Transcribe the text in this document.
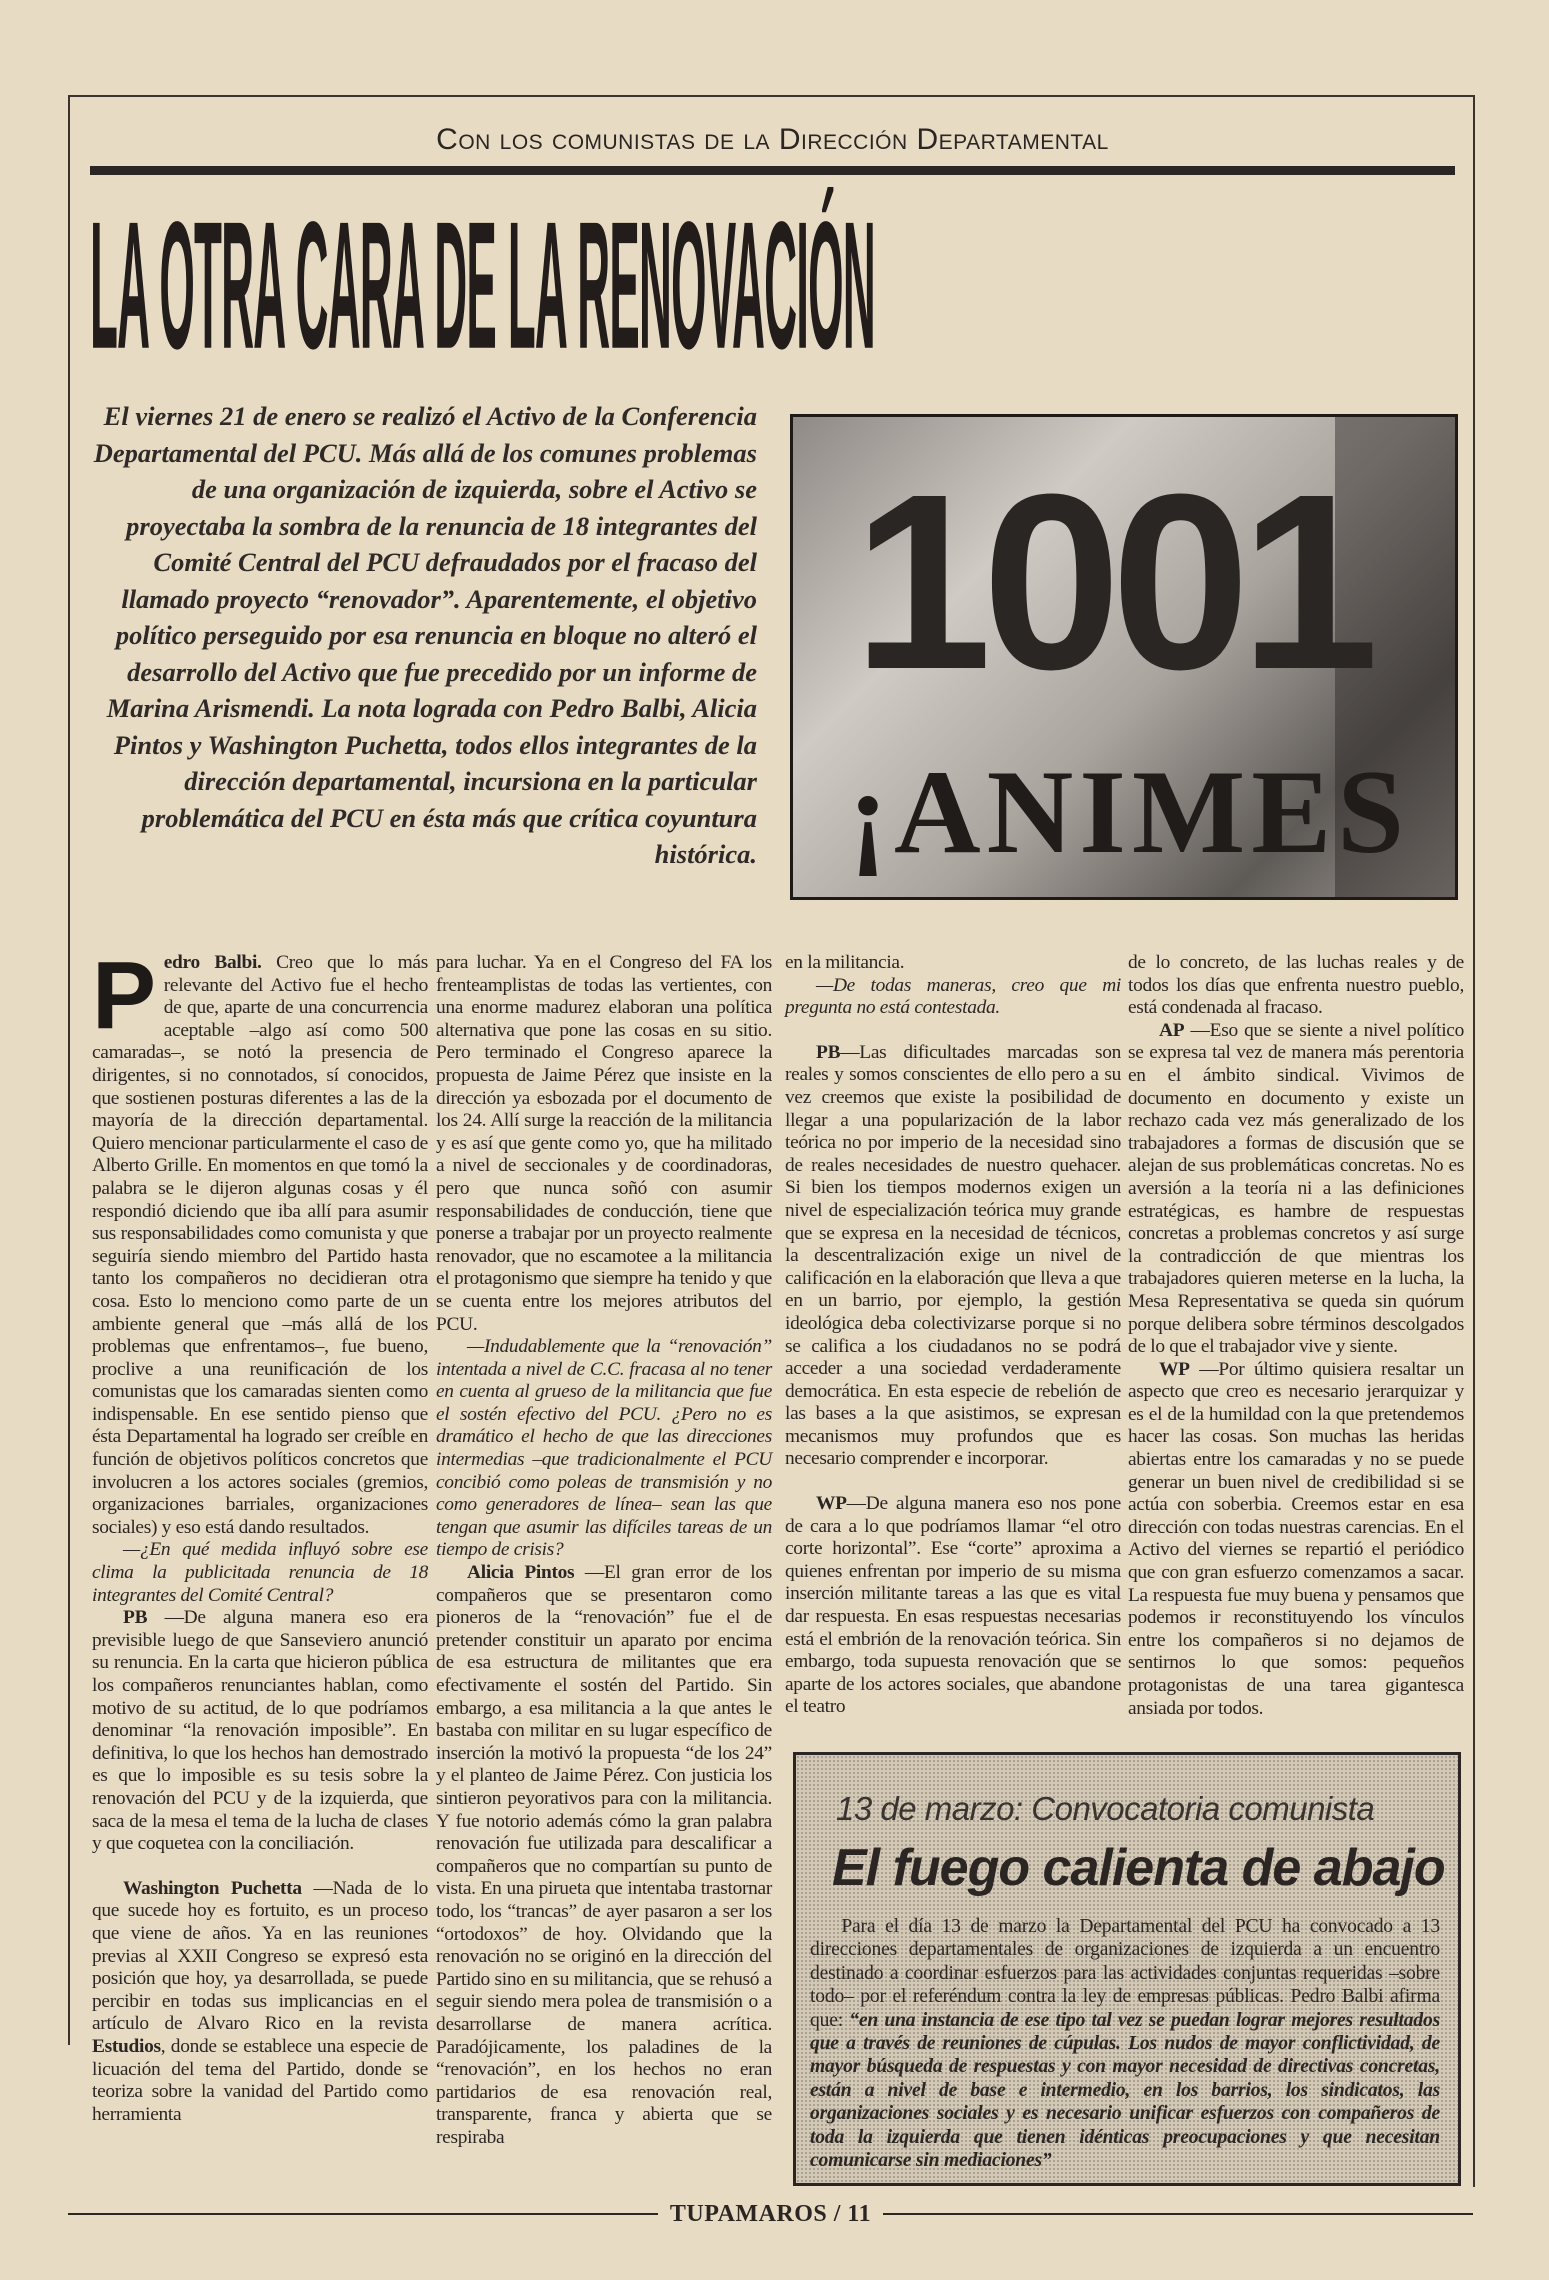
Con los comunistas de la Dirección Departamental
LA OTRA CARA DE LA RENOVACIÓN
El viernes 21 de enero se realizó el Activo de la Conferencia Departamental del PCU. Más allá de los comunes problemas de una organización de izquierda, sobre el Activo se proyectaba la sombra de la renuncia de 18 integrantes del Comité Central del PCU defraudados por el fracaso del llamado proyecto “renovador”. Aparentemente, el objetivo político perseguido por esa renuncia en bloque no alteró el desarrollo del Activo que fue precedido por un informe de Marina Arismendi. La nota lograda con Pedro Balbi, Alicia Pintos y Washington Puchetta, todos ellos integrantes de la dirección departamental, incursiona en la particular problemática del PCU en ésta más que crítica coyuntura histórica.
1001
¡ANIMES

Pedro Balbi. Creo que lo más relevante del Activo fue el hecho de que, aparte de una concurrencia aceptable –algo así como 500 camaradas–, se notó la presencia de dirigentes, si no connotados, sí conocidos, que sostienen posturas diferentes a las de la mayoría de la dirección departamental. Quiero mencionar particularmente el caso de Alberto Grille. En momentos en que tomó la palabra se le dijeron algunas cosas y él respondió diciendo que iba allí para asumir sus responsabilidades como comunista y que seguiría siendo miembro del Partido hasta tanto los compañeros no decidieran otra cosa. Esto lo menciono como parte de un ambiente general que –más allá de los problemas que enfrentamos–, fue bueno, proclive a una reunificación de los comunistas que los camaradas sienten como indispensable. En ese sentido pienso que ésta Departamental ha logrado ser creíble en función de objetivos políticos concretos que involucren a los actores sociales (gremios, organizaciones barriales, organizaciones sociales) y eso está dando resultados.

—¿En qué medida influyó sobre ese clima la publicitada renuncia de 18 integrantes del Comité Central?

PB —De alguna manera eso era previsible luego de que Sanseviero anunció su renuncia. En la carta que hicieron pública los compañeros renunciantes hablan, como motivo de su actitud, de lo que podríamos denominar “la renovación imposible”. En definitiva, lo que los hechos han demostrado es que lo imposible es su tesis sobre la renovación del PCU y de la izquierda, que saca de la mesa el tema de la lucha de clases y que coquetea con la conciliación.

Washington Puchetta —Nada de lo que sucede hoy es fortuito, es un proceso que viene de años. Ya en las reuniones previas al XXII Congreso se expresó esta posición que hoy, ya desarrollada, se puede percibir en todas sus implicancias en el artículo de Alvaro Rico en la revista Estudios, donde se establece una especie de licuación del tema del Partido, donde se teoriza sobre la vanidad del Partido como herramienta

para luchar. Ya en el Congreso del FA los frenteamplistas de todas las vertientes, con una enorme madurez elaboran una política alternativa que pone las cosas en su sitio. Pero terminado el Congreso aparece la propuesta de Jaime Pérez que insiste en la dirección ya esbozada por el documento de los 24. Allí surge la reacción de la militancia y es así que gente como yo, que ha militado a nivel de seccionales y de coordinadoras, pero que nunca soñó con asumir responsabilidades de conducción, tiene que ponerse a trabajar por un proyecto realmente renovador, que no escamotee a la militancia el protagonismo que siempre ha tenido y que se cuenta entre los mejores atributos del PCU.

—Indudablemente que la “renovación” intentada a nivel de C.C. fracasa al no tener en cuenta al grueso de la militancia que fue el sostén efectivo del PCU. ¿Pero no es dramático el hecho de que las direcciones intermedias –que tradicionalmente el PCU concibió como poleas de transmisión y no como generadores de línea– sean las que tengan que asumir las difíciles tareas de un tiempo de crisis?

Alicia Pintos —El gran error de los compañeros que se presentaron como pioneros de la “renovación” fue el de pretender constituir un aparato por encima de esa estructura de militantes que era efectivamente el sostén del Partido. Sin embargo, a esa militancia a la que antes le bastaba con militar en su lugar específico de inserción la motivó la propuesta “de los 24” y el planteo de Jaime Pérez. Con justicia los sintieron peyorativos para con la militancia. Y fue notorio además cómo la gran palabra renovación fue utilizada para descalificar a compañeros que no compartían su punto de vista. En una pirueta que intentaba trastornar todo, los “trancas” de ayer pasaron a ser los “ortodoxos” de hoy. Olvidando que la renovación no se originó en la dirección del Partido sino en su militancia, que se rehusó a seguir siendo mera polea de transmisión o a desarrollarse de manera acrítica. Paradójicamente, los paladines de la “renovación”, en los hechos no eran partidarios de esa renovación real, transparente, franca y abierta que se respiraba

en la militancia.

—De todas maneras, creo que mi pregunta no está contestada.

PB—Las dificultades marcadas son reales y somos conscientes de ello pero a su vez creemos que existe la posibilidad de llegar a una popularización de la labor teórica no por imperio de la necesidad sino de reales necesidades de nuestro quehacer. Si bien los tiempos modernos exigen un nivel de especialización teórica muy grande que se expresa en la necesidad de técnicos, la descentralización exige un nivel de calificación en la elaboración que lleva a que en un barrio, por ejemplo, la gestión ideológica deba colectivizarse porque si no se califica a los ciudadanos no se podrá acceder a una sociedad verdaderamente democrática. En esta especie de rebelión de las bases a la que asistimos, se expresan mecanismos muy profundos que es necesario comprender e incorporar.

WP—De alguna manera eso nos pone de cara a lo que podríamos llamar “el otro corte horizontal”. Ese “corte” aproxima a quienes enfrentan por imperio de su misma inserción militante tareas a las que es vital dar respuesta. En esas respuestas necesarias está el embrión de la renovación teórica. Sin embargo, toda supuesta renovación que se aparte de los actores sociales, que abandone el teatro

de lo concreto, de las luchas reales y de todos los días que enfrenta nuestro pueblo, está condenada al fracaso.

AP —Eso que se siente a nivel político se expresa tal vez de manera más perentoria en el ámbito sindical. Vivimos de documento en documento y existe un rechazo cada vez más generalizado de los trabajadores a formas de discusión que se alejan de sus problemáticas concretas. No es aversión a la teoría ni a las definiciones estratégicas, es hambre de respuestas concretas a problemas concretos y así surge la contradicción de que mientras los trabajadores quieren meterse en la lucha, la Mesa Representativa se queda sin quórum porque delibera sobre términos descolgados de lo que el trabajador vive y siente.

WP —Por último quisiera resaltar un aspecto que creo es necesario jerarquizar y es el de la humildad con la que pretendemos hacer las cosas. Son muchas las heridas abiertas entre los camaradas y no se puede generar un buen nivel de credibilidad si se actúa con soberbia. Creemos estar en esa dirección con todas nuestras carencias. En el Activo del viernes se repartió el periódico que con gran esfuerzo comenzamos a sacar. La respuesta fue muy buena y pensamos que podemos ir reconstituyendo los vínculos entre los compañeros si no dejamos de sentirnos lo que somos: pequeños protagonistas de una tarea gigantesca ansiada por todos.

13 de marzo: Convocatoria comunista
El fuego calienta de abajo

Para el día 13 de marzo la Departamental del PCU ha convocado a 13 direcciones departamentales de organizaciones de izquierda a un encuentro destinado a coordinar esfuerzos para las actividades conjuntas requeridas –sobre todo– por el referéndum contra la ley de empresas públicas. Pedro Balbi afirma que: “en una instancia de ese tipo tal vez se puedan lograr mejores resultados que a través de reuniones de cúpulas. Los nudos de mayor conflictividad, de mayor búsqueda de respuestas y con mayor necesidad de directivas concretas, están a nivel de base e intermedio, en los barrios, los sindicatos, las organizaciones sociales y es necesario unificar esfuerzos con compañeros de toda la izquierda que tienen idénticas preocupaciones y que necesitan comunicarse sin mediaciones”

TUPAMAROS / 11
